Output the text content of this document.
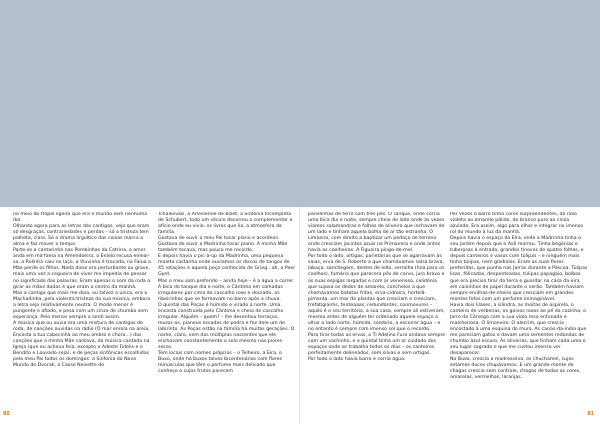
no meio do tropel ligeiro que era o mundo sem nenhuma dor.

Olhando agora para as letras das cantigas, vejo que eram só desgraças, contrariedades e perdas – só a tristeza tem palheta, claro. Só o drama lírgúltico das coisas marca a alma e faz mover o tempo.

Parte-se a cantarinha nas Pombinhas da Catrina, o amor anda em má fama na Amendoeira, o Enlelo recusa enlear-se, a Rolinha caiu no laço, a Viuvinha é trocada, na Falua a Mãe perde os filhos. Nada disso era perturbante ou grave, mais uma vez a cegueira de viver me impedia de pensar no significado das palavras. Eram apenas o som da roda a girar as mãos dadas é que eram o centro da manhã.

Mas a cantiga que mais me doía, ou talvez a única, era a Machadinha, pela violenta tristeza da sua música, embora a letra seja relativamente neutra. O modo menor é pungente e afiado, e pesa com um cinza de chumbo sem esperança. Pelo menos sempre a senti assim.

A música que ou ouvia era uma mistura de cantigas de roda, de canções ouvidas na rádio (O mar enrola na areia, Encosta a tua cabecinha ao meu ombro e chora...) das canções que a minha Mãe cantava, da música cantada na Igreja (que eu achava feia, excepto o Adeste Fidelis e o Bendito e Louvado seja), e de peças sinfónicas escolhidas pela meu Pai todos os domingos: a Sinfonia do Novo Mundo do Dvorak, a Casse Noisette do

Tchaikovski, a Arlesienne de Bizet, a Sinfonia Incompleta de Schubert, todo um século decorreu a complementar o ofício onde eu vivia, os livros que lia, a atmosfera da família.

Gostava de ouvir o meu Pai tocar piano e acordeon. Gostava de ouvir a Madrinha tocar piano. A minha Mãe também tocava, mas pouco me recordo.

E depois havia o pic-à-up da Madrinha, uma pequena maleta castanha onde ouvíamos os discos de tangos de 45 rotações e aquela peça conhecida de Grieg...ah, o Peer Gynt.

Mas o meu som preferido – ainda hoje – é a água a correr. A bica do tanque dia e noite, o Cântima em camadas irregulares por cima do cascalho roxo e dourado, os ribeirinhos que se formavam no barro após a chuva.

O quintal das Poças é húmido e virado a norte. Uma encosta construída pelo Cântima e cheia de cascalho irregular. Alguém – quem? – lhe desenhou terraços, muros-os, pianeus escadas de pedra e fez dele um de labirinto. As Poças estão na família há muitas gerações. O nome, claro, vem das múltiplas nascentes que ele enchavam constantemente o solo mesmo nas piores secas.

Tem locais com nomes próprios – o Telheiro, a Eira, o Buxo, onde há buxos talvez bicentenários com flores minúsculas que têm o perfume mais delicado que conheço e cujos frutos parecem

panelinhas de ferro com três pés. O Tanque, onde corria uma bica dia e noite, sempre cheio de lado onde às vezes viamos salamandras e folhas de oliveira que inchavam de um lado e tinham aquela bolha de ar tão estranha. O Limoeiro, com direito a baptizar um pedaço de terreno onde cresciam jacintos azuis na Primavera e onde antes havia as coelheiras. A Figueira pingo-de-mel.

Por todo o lado, ortigas, parietárias que se agarravam às saias, erva de S. Roberto a que chamávamos salsa brava, labaça, sanchegem, dentes de leão, serralha (hoa para os coelhos), fumária que parecera pés de carvo, juro bravo e as suas espigas largadas e com ar venenoso, celidónia que sujava os dedos de amarelo, conchelos a que chamávamos batatas fritas, erva-cidreira, hortelã-pimenta, um mar de plantas que cresciam e cresciam, trefatígianhs, tenteaaas, redundantes, conmovures – aquilo é o seu território, a sua casa, sempre ali estiveram, mesmo antes de alguém ter ordenado aquele espaço a olhar o lado norte, húmido, sombrio, a escorrer água – e no entanto é sempre com imenso sol que o recordo.

Para tirar todas as ervas, o Ti Adelino Fura andava sempre com um sachinho, e o quintal tinha um ar cuidado dos espaços onde se trabalha todos os dias – os canteiros perfeitamente delineados, sem silvas e sem ortigas.

Por todo o lado havia barro e corria água.

Por vezes o barro tinha cores surpreendentes, do roxo violeta ao amarelo pálido, do branco puro ao cinza azulado. Era assim, algo para olhar e integrar no imenso rol do mundo à luz da manhã.

Depois havia o espaço da Elra, onde a Madrinha tinha o seu jardim depois que o Avô morreu. Tinha begónias e tuberosas à entrada, grandes tinoves de quatro folhas, e depois canteiros e vasos com túlipas – e ninguém mais tinha túlipas, nem gladíolos. Eram as suas flores preferidas, que punha nas Jarras durante a Páscoa. Túlipas lisas, fólicadas, despenteadas, túlipas papagaio, bolbos que era preciso tirar da terra e guardar na casa da eira em caixinhos de papel durante o verão. Também haviam sempre ervilhas-de-cheiro que cresciam em grandes montes fofos com um perfume inimaginável.

Havia dois lilases, a silindra, as moitas de aspirela, o canteiro de verbenas, os goivos roxos ao pé da cozinha, o Jarro da Córsega com a sua viola rosa enfunada e malcheirosa. O limoneiro. O alecrim, que crescia encostado à uma esquina do muro. As canas-da-índia que me pareciam gatos e davam uma sementes redondas de chumbo azul escuro. As oliveiras, que tinham cada uma o seu lugar sagrado e que me custou imenso ver desaparecer.

No Buxo, crescia a madressilva, os chuchamel, cujos estames doces chupávamos. E um grande monte de chagas crescia sem controle, chagas de todas as cores, amarelas, vermelhas, laranjas.

80	81
